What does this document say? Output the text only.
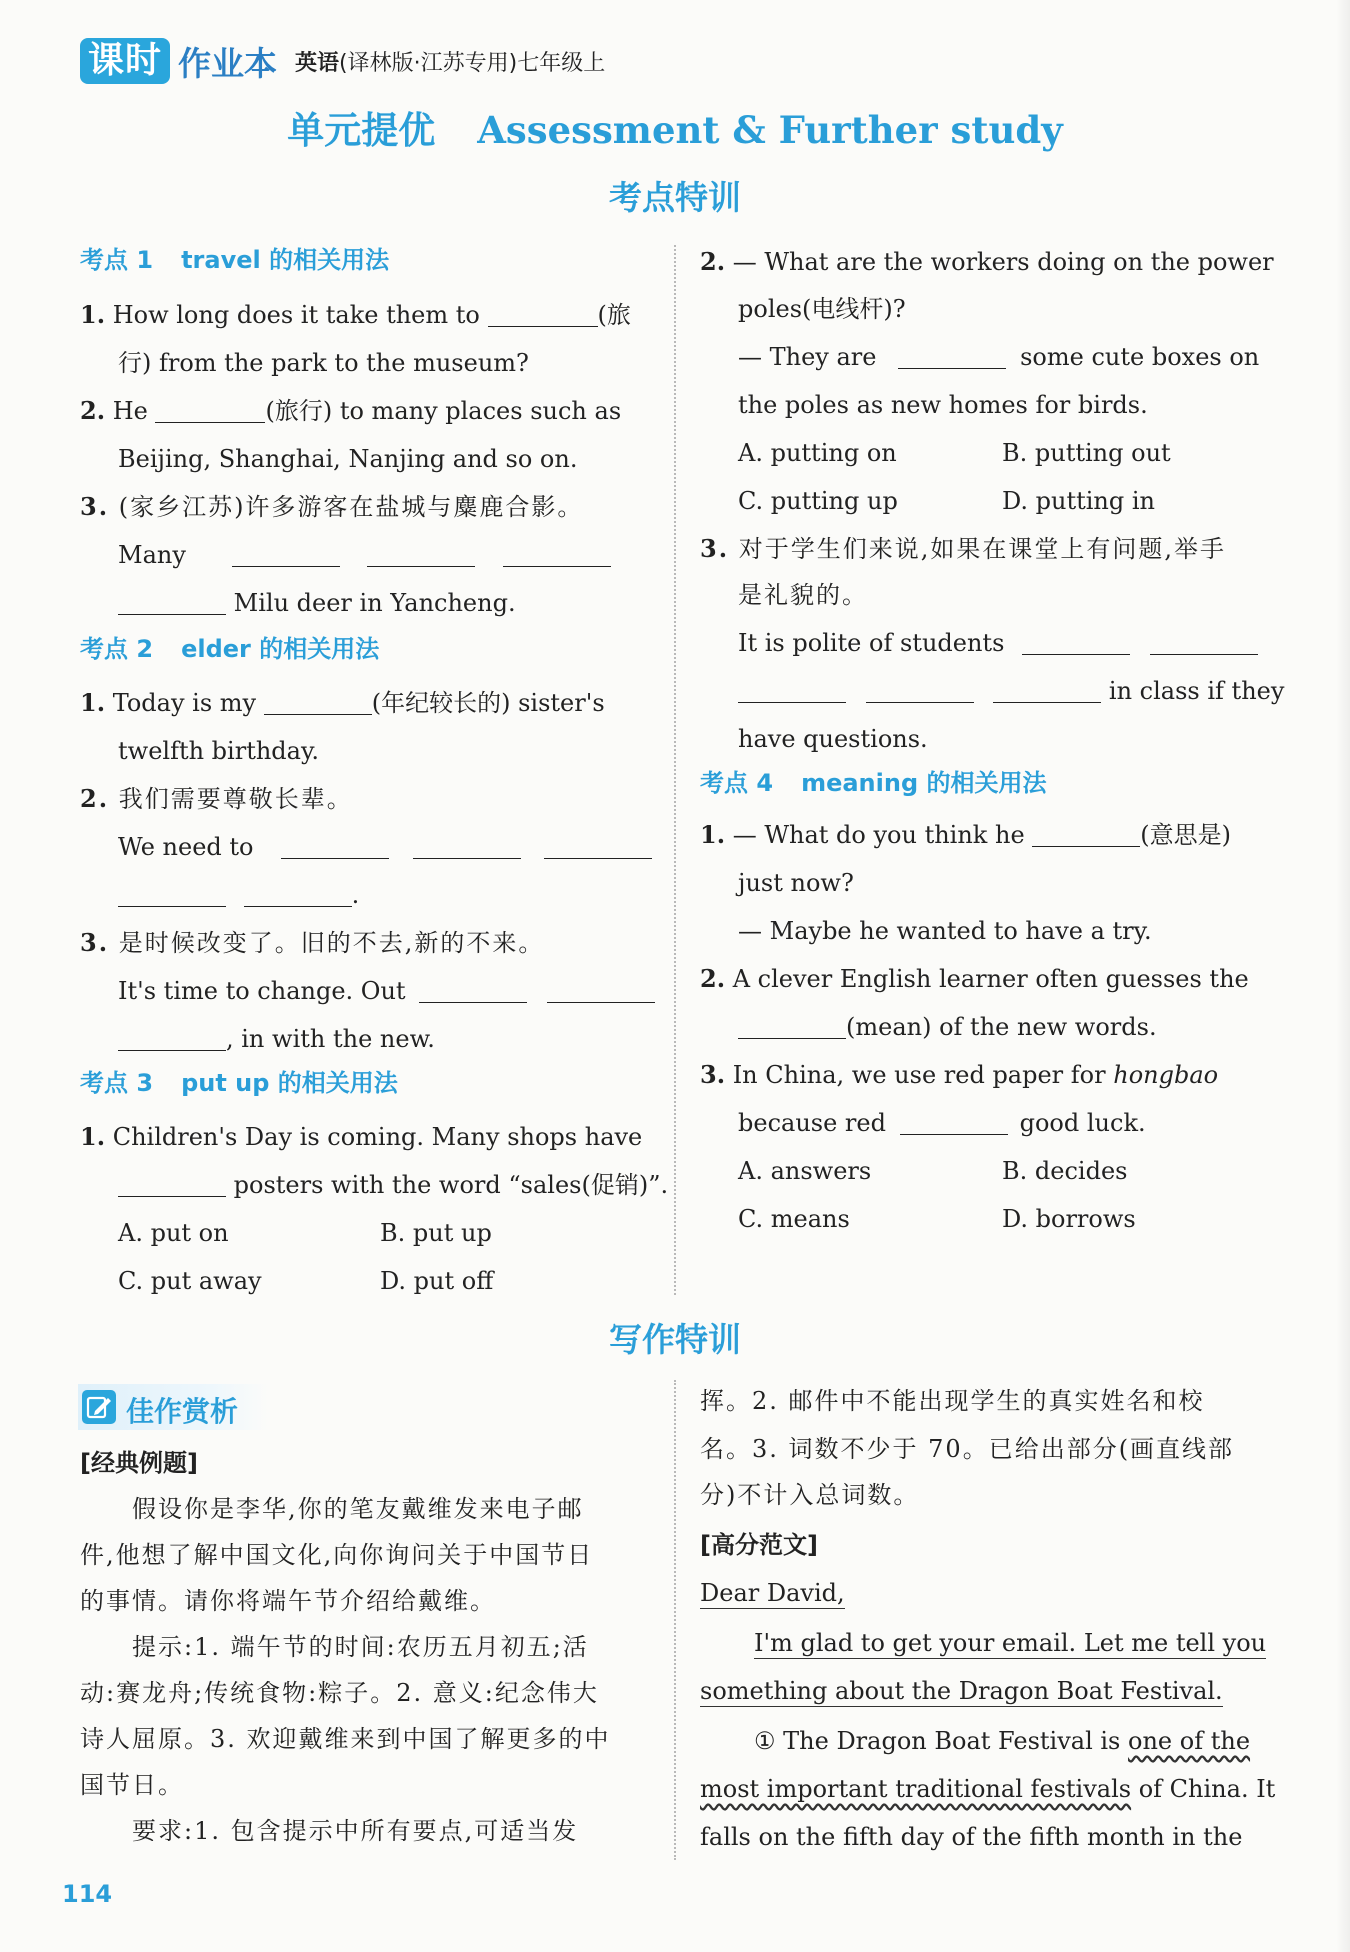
课时 作业本 英语(译林版·江苏专用)七年级上
单元提优 Assessment & Further study
考点特训
考点 1 travel 的相关用法
1. How long does it take them to	(旅
行) from the park to the museum?
2. He	(旅行) to many places such as
Beijing, Shanghai, Nanjing and so on.
3. (家乡江苏)许多游客在盐城与麋鹿合影。
Many
Milu deer in Yancheng.
考点 2 elder 的相关用法
1. Today is my	(年纪较长的) sister's
twelfth birthday.
2. 我们需要尊敬长辈。
We need to
.
3. 是时候改变了。旧的不去,新的不来。
It's time to change. Out
, in with the new.
考点 3 put up 的相关用法
1. Children's Day is coming. Many shops have
posters with the word “sales(促销)”.
A. put on	B. put up
C. put away	D. put off
2. — What are the workers doing on the power
poles(电线杆)?
— They are	some cute boxes on
the poles as new homes for birds.
A. putting on	B. putting out
C. putting up	D. putting in
3. 对于学生们来说,如果在课堂上有问题,举手
是礼貌的。
It is polite of students
in class if they
have questions.
考点 4 meaning 的相关用法
1. — What do you think he	(意思是)
just now?
— Maybe he wanted to have a try.
2. A clever English learner often guesses the
(mean) of the new words.
3. In China, we use red paper for hongbao
because red	good luck.
A. answers	B. decides
C. means	D. borrows
写作特训
佳作赏析
[经典例题]
假设你是李华,你的笔友戴维发来电子邮
件,他想了解中国文化,向你询问关于中国节日
的事情。请你将端午节介绍给戴维。
提示:1. 端午节的时间:农历五月初五;活
动:赛龙舟;传统食物:粽子。2. 意义:纪念伟大
诗人屈原。3. 欢迎戴维来到中国了解更多的中
国节日。
要求:1. 包含提示中所有要点,可适当发
挥。2. 邮件中不能出现学生的真实姓名和校
名。3. 词数不少于 70。已给出部分(画直线部
分)不计入总词数。
[高分范文]
Dear David,
I'm glad to get your email. Let me tell you
something about the Dragon Boat Festival.
① The Dragon Boat Festival is one of the
most important traditional festivals of China. It
falls on the fifth day of the fifth month in the
114
